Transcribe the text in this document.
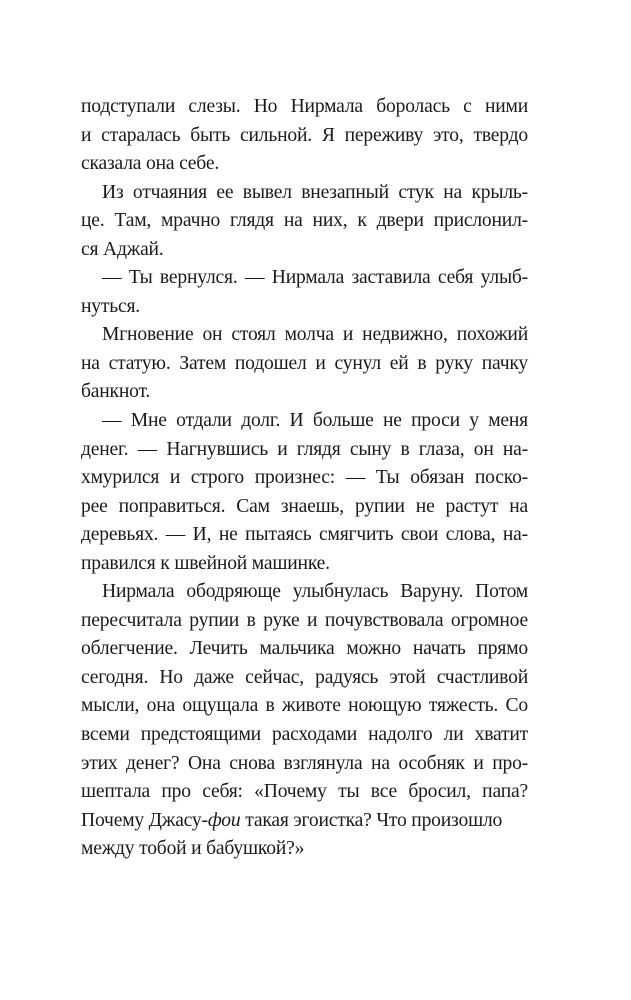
подступали слезы. Но Нирмала боролась с ними
и старалась быть сильной. Я переживу это, твердо
сказала она себе.
Из отчаяния ее вывел внезапный стук на крыль-
це. Там, мрачно глядя на них, к двери прислонил-
ся Аджай.
— Ты вернулся. — Нирмала заставила себя улыб-
нуться.
Мгновение он стоял молча и недвижно, похожий
на статую. Затем подошел и сунул ей в руку пачку
банкнот.
— Мне отдали долг. И больше не проси у меня
денег. — Нагнувшись и глядя сыну в глаза, он на-
хмурился и строго произнес: — Ты обязан поско-
рее поправиться. Сам знаешь, рупии не растут на
деревьях. — И, не пытаясь смягчить свои слова, на-
правился к швейной машинке.
Нирмала ободряюще улыбнулась Варуну. Потом
пересчитала рупии в руке и почувствовала огромное
облегчение. Лечить мальчика можно начать прямо
сегодня. Но даже сейчас, радуясь этой счастливой
мысли, она ощущала в животе ноющую тяжесть. Со
всеми предстоящими расходами надолго ли хватит
этих денег? Она снова взглянула на особняк и про-
шептала про себя: «Почему ты все бросил, папа?
Почему Джасу-фои такая эгоистка? Что произошло
между тобой и бабушкой?»
